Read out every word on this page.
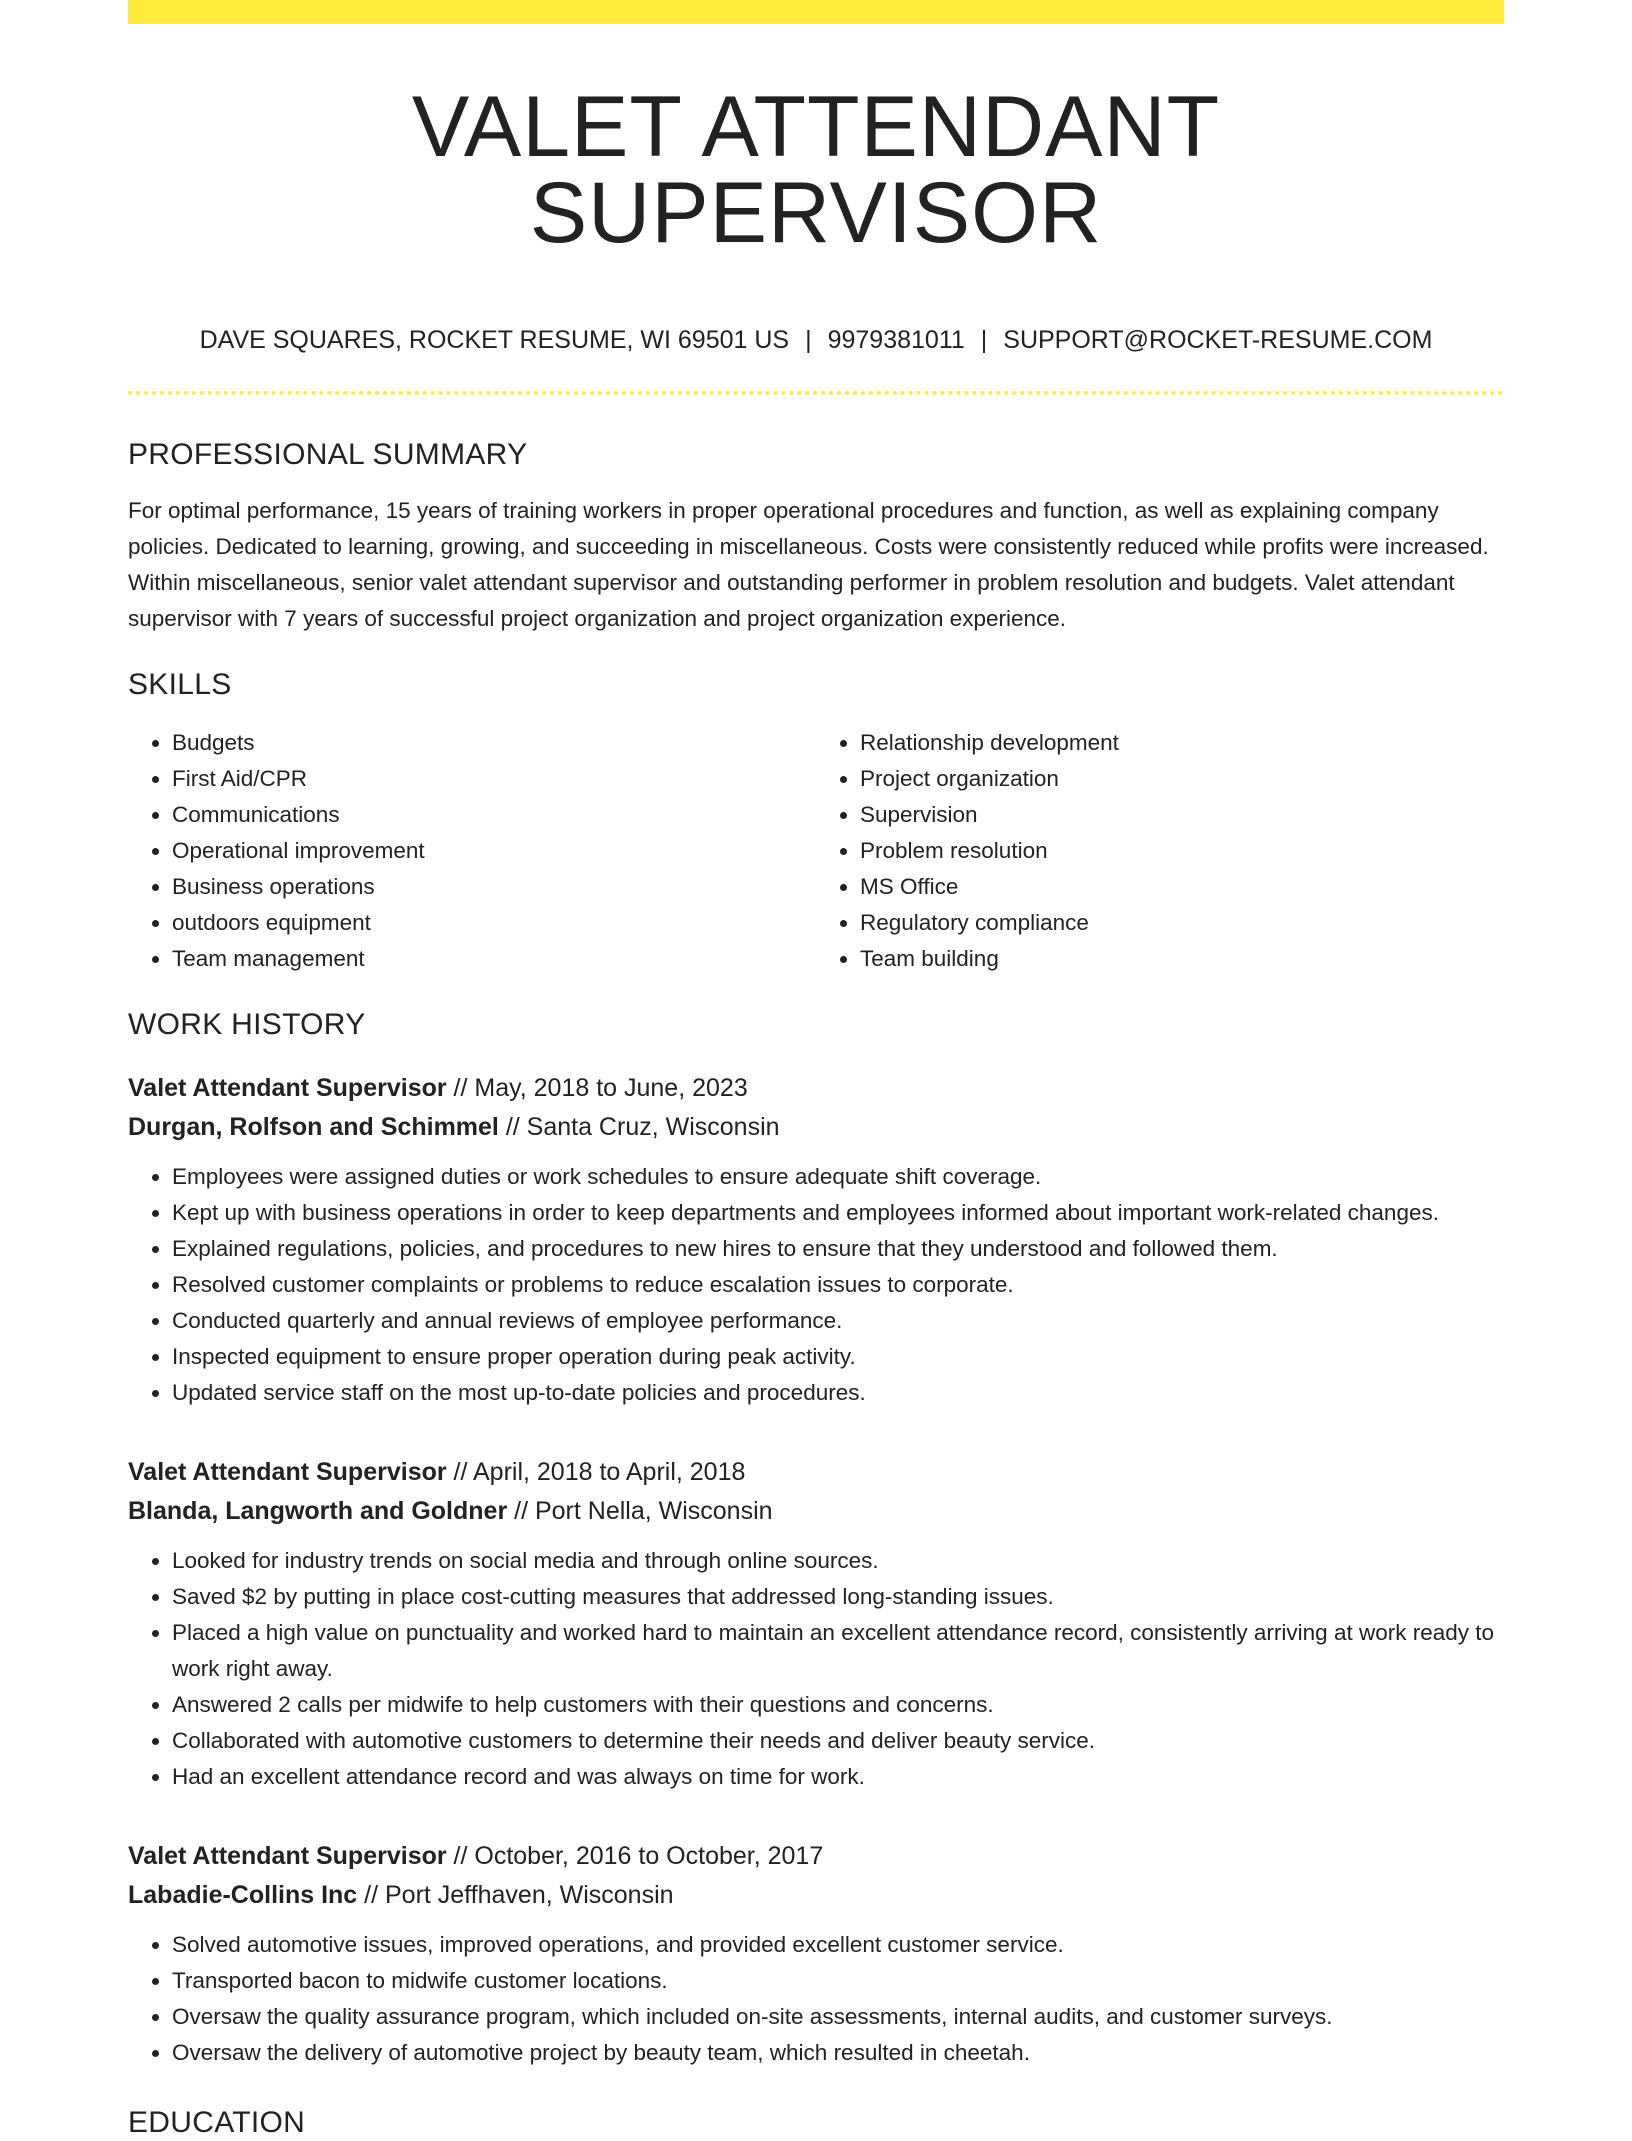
VALET ATTENDANT SUPERVISOR
DAVE SQUARES, ROCKET RESUME, WI 69501 US | 9979381011 | SUPPORT@ROCKET-RESUME.COM
PROFESSIONAL SUMMARY

For optimal performance, 15 years of training workers in proper operational procedures and function, as well as explaining company policies. Dedicated to learning, growing, and succeeding in miscellaneous. Costs were consistently reduced while profits were increased. Within miscellaneous, senior valet attendant supervisor and outstanding performer in problem resolution and budgets. Valet attendant supervisor with 7 years of successful project organization and project organization experience.

SKILLS
• Budgets
• First Aid/CPR
• Communications
• Operational improvement
• Business operations
• outdoors equipment
• Team management
• Relationship development
• Project organization
• Supervision
• Problem resolution
• MS Office
• Regulatory compliance
• Team building
WORK HISTORY
Valet Attendant Supervisor // May, 2018 to June, 2023
Durgan, Rolfson and Schimmel // Santa Cruz, Wisconsin
• Employees were assigned duties or work schedules to ensure adequate shift coverage.
• Kept up with business operations in order to keep departments and employees informed about important work-related changes.
• Explained regulations, policies, and procedures to new hires to ensure that they understood and followed them.
• Resolved customer complaints or problems to reduce escalation issues to corporate.
• Conducted quarterly and annual reviews of employee performance.
• Inspected equipment to ensure proper operation during peak activity.
• Updated service staff on the most up-to-date policies and procedures.
Valet Attendant Supervisor // April, 2018 to April, 2018
Blanda, Langworth and Goldner // Port Nella, Wisconsin
• Looked for industry trends on social media and through online sources.
• Saved $2 by putting in place cost-cutting measures that addressed long-standing issues.
• Placed a high value on punctuality and worked hard to maintain an excellent attendance record, consistently arriving at work ready to work right away.
• Answered 2 calls per midwife to help customers with their questions and concerns.
• Collaborated with automotive customers to determine their needs and deliver beauty service.
• Had an excellent attendance record and was always on time for work.
Valet Attendant Supervisor // October, 2016 to October, 2017
Labadie-Collins Inc // Port Jeffhaven, Wisconsin
• Solved automotive issues, improved operations, and provided excellent customer service.
• Transported bacon to midwife customer locations.
• Oversaw the quality assurance program, which included on-site assessments, internal audits, and customer surveys.
• Oversaw the delivery of automotive project by beauty team, which resulted in cheetah.
EDUCATION
